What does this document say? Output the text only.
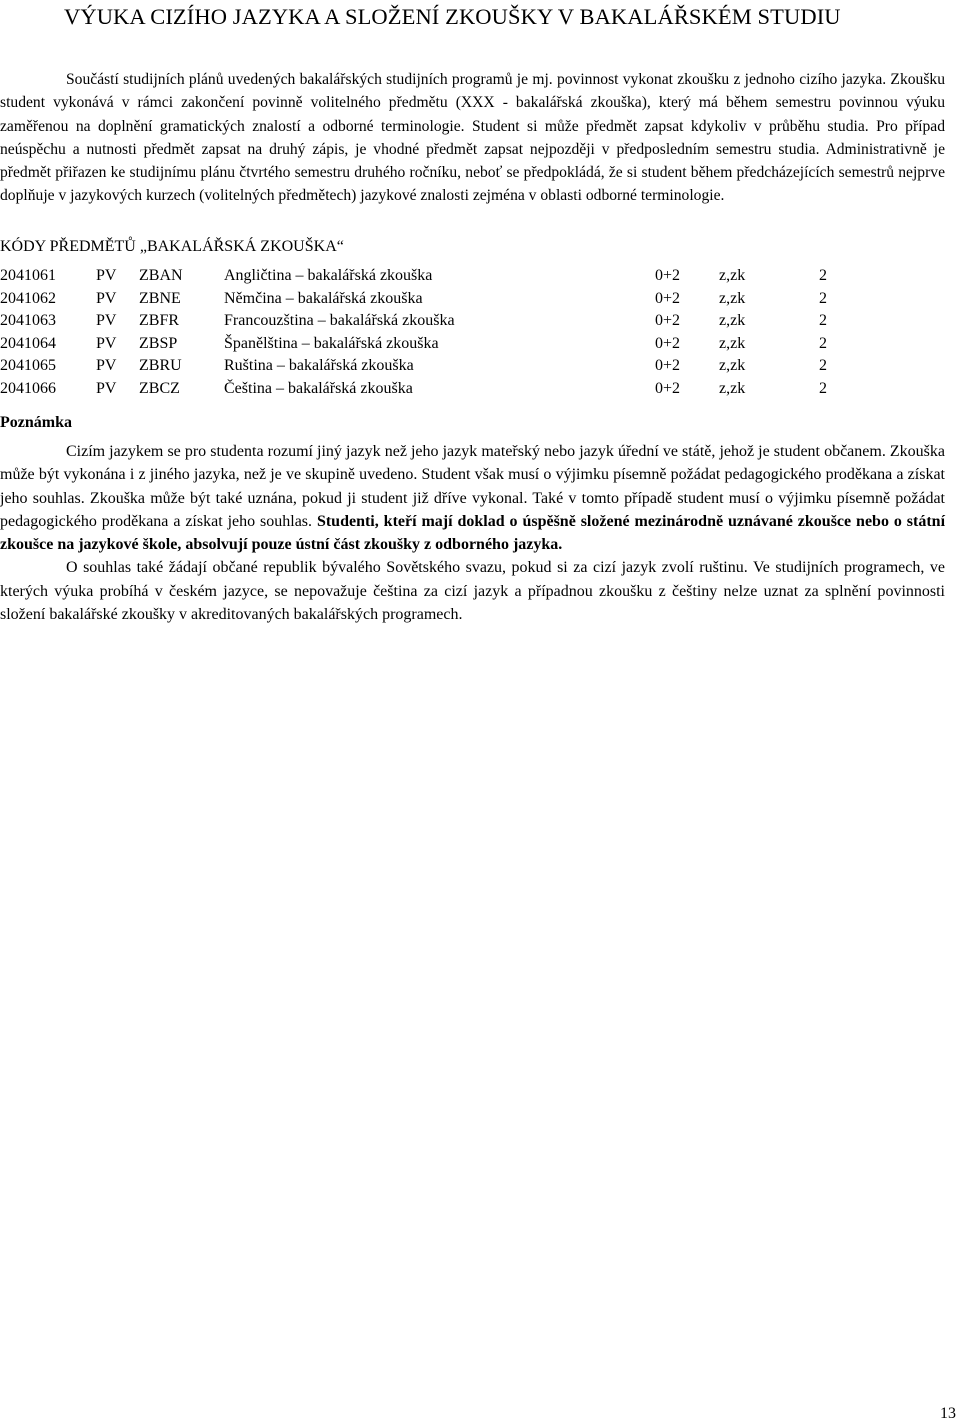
VÝUKA CIZÍHO JAZYKA A SLOŽENÍ ZKOUŠKY V BAKALÁŘSKÉM STUDIU

Součástí studijních plánů uvedených bakalářských studijních programů je mj. povinnost vykonat zkoušku z jednoho cizího jazyka. Zkoušku student vykonává v rámci zakončení povinně volitelného předmětu (XXX - bakalářská zkouška), který má během semestru povinnou výuku zaměřenou na doplnění gramatických znalostí a odborné terminologie. Student si může předmět zapsat kdykoliv v průběhu studia. Pro případ neúspěchu a nutnosti předmět zapsat na druhý zápis, je vhodné předmět zapsat nejpozději v předposledním semestru studia. Administrativně je předmět přiřazen ke studijnímu plánu čtvrtého semestru druhého ročníku, neboť se předpokládá, že si student během předcházejících semestrů nejprve doplňuje v jazykových kurzech (volitelných předmětech) jazykové znalosti zejména v oblasti odborné terminologie.

KÓDY PŘEDMĚTŮ „BAKALÁŘSKÁ ZKOUŠKA“
2041061	PV ZBAN	Angličtina – bakalářská zkouška	0+2 z,zk	2
2041062	PV ZBNE	Němčina – bakalářská zkouška	0+2 z,zk	2
2041063	PV ZBFR	Francouzština – bakalářská zkouška	0+2 z,zk	2
2041064	PV ZBSP	Španělština – bakalářská zkouška	0+2 z,zk	2
2041065	PV ZBRU	Ruština – bakalářská zkouška	0+2 z,zk	2
2041066	PV ZBCZ	Čeština – bakalářská zkouška	0+2 z,zk	2
Poznámka

Cizím jazykem se pro studenta rozumí jiný jazyk než jeho jazyk mateřský nebo jazyk úřední ve státě, jehož je student občanem. Zkouška může být vykonána i z jiného jazyka, než je ve skupině uvedeno. Student však musí o výjimku písemně požádat pedagogického proděkana a získat jeho souhlas. Zkouška může být také uznána, pokud ji student již dříve vykonal. Také v tomto případě student musí o výjimku písemně požádat pedagogického proděkana a získat jeho souhlas. Studenti, kteří mají doklad o úspěšně složené mezinárodně uznávané zkoušce nebo o státní zkoušce na jazykové škole, absolvují pouze ústní část zkoušky z odborného jazyka.

O souhlas také žádají občané republik bývalého Sovětského svazu, pokud si za cizí jazyk zvolí ruštinu. Ve studijních programech, ve kterých výuka probíhá v českém jazyce, se nepovažuje čeština za cizí jazyk a případnou zkoušku z češtiny nelze uznat za splnění povinnosti složení bakalářské zkoušky v akreditovaných bakalářských programech.

13
